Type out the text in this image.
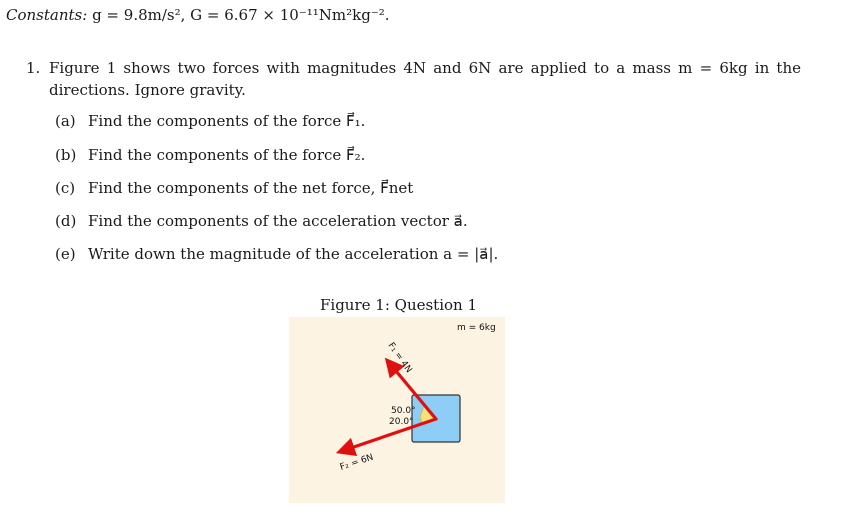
Constants: g = 9.8m/s², G = 6.67 × 10⁻¹¹Nm²kg⁻².
1. Figure 1 shows two forces with magnitudes 4N and 6N are applied to a mass m = 6kg in the directions. Ignore gravity.
(a) Find the components of the force F⃗₁.
(b) Find the components of the force F⃗₂.
(c) Find the components of the net force, F⃗net
(d) Find the components of the acceleration vector a⃗.
(e) Write down the magnitude of the acceleration a = |a⃗|.
Figure 1: Question 1
m = 6kg
F₁ = 4N
F₂ = 6N
50.0°
20.0°
